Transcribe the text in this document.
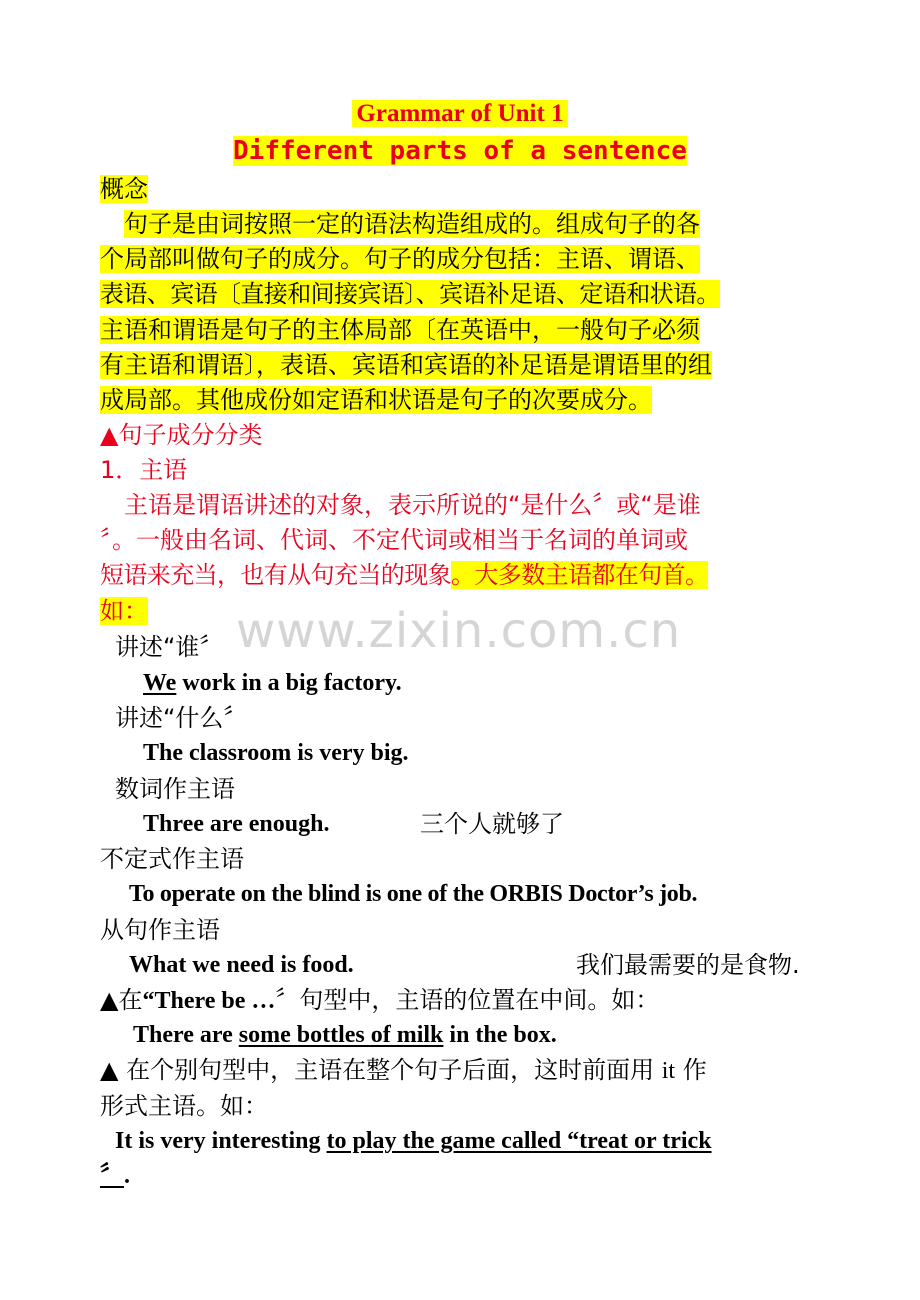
Grammar of Unit 1
Different parts of a sentence
概念
 句子是由词按照一定的语法构造组成的。组成句子的各
个局部叫做句子的成分。句子的成分包括：主语、谓语、
表语、宾语〔直接和间接宾语〕、宾语补足语、定语和状语。
主语和谓语是句子的主体局部〔在英语中，一般句子必须
有主语和谓语〕，表语、宾语和宾语的补足语是谓语里的组
成局部。其他成份如定语和状语是句子的次要成分。
▲句子成分分类
1．主语
 主语是谓语讲述的对象，表示所说的“是什么〞或“是谁
〞。一般由名词、代词、不定代词或相当于名词的单词或
短语来充当，也有从句充当的现象。大多数主语都在句首。
如：
讲述“谁〞
We work in a big factory.
讲述“什么〞
The classroom is very big.
数词作主语
Three are enough.	三个人就够了
不定式作主语
To operate on the blind is one of the ORBIS Doctor’s job.
从句作主语
What we need is food.	我们最需要的是食物.
▲在“There be …〞句型中，主语的位置在中间。如：
There are some bottles of milk in the box.
▲ 在个别句型中，主语在整个句子后面，这时前面用 it 作
形式主语。如：
It is very interesting to play the game called “treat or trick
〞.
www.zixin.com.cn
